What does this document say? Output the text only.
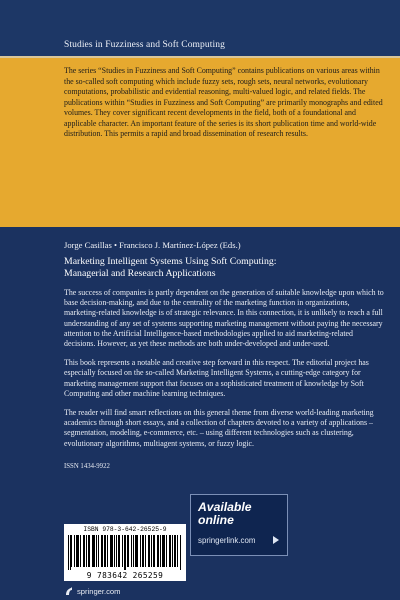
Studies in Fuzziness and Soft Computing

The series “Studies in Fuzziness and Soft Computing” contains publications on various areas within the so-called soft computing which include fuzzy sets, rough sets, neural networks, evolutionary computations, probabilistic and evidential reasoning, multi-valued logic, and related fields. The publications within “Studies in Fuzziness and Soft Computing” are primarily monographs and edited volumes. They cover significant recent developments in the field, both of a foundational and applicable character. An important feature of the series is its short publication time and world-wide distribution. This permits a rapid and broad dissemination of research results.

Jorge Casillas • Francisco J. Martínez-López (Eds.)

Marketing Intelligent Systems Using Soft Computing:
Managerial and Research Applications

The success of companies is partly dependent on the generation of suitable knowledge upon which to base decision-making, and due to the centrality of the marketing function in organizations, marketing-related knowledge is of strategic relevance. In this connection, it is unlikely to reach a full understanding of any set of systems supporting marketing management without paying the necessary attention to the Artificial Intelligence-based methodologies applied to aid marketing-related decisions. However, as yet these methods are both under-developed and under-used.

This book represents a notable and creative step forward in this respect. The editorial project has especially focused on the so-called Marketing Intelligent Systems, a cutting-edge category for marketing management support that focuses on a sophisticated treatment of knowledge by Soft Computing and other machine learning techniques.

The reader will find smart reflections on this general theme from diverse world-leading marketing academics through short essays, and a collection of chapters devoted to a variety of applications – segmentation, modeling, e-commerce, etc. – using different technologies such as clustering, evolutionary algorithms, multiagent systems, or fuzzy logic.

ISSN 1434-9922

Available
online

springerlink.com

ISBN 978-3-642-26525-9

9 783642 265259

springer.com
